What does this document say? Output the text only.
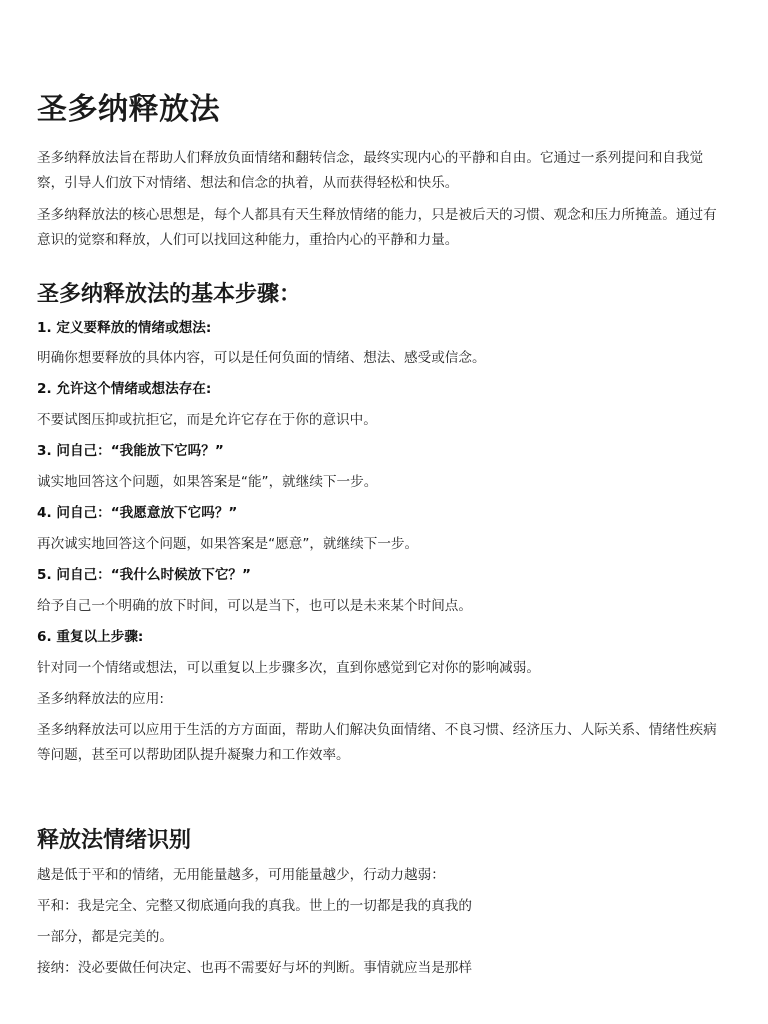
圣多纳释放法

圣多纳释放法旨在帮助人们释放负面情绪和翻转信念，最终实现内心的平静和自由。它通过一系列提问和自我觉察，引导人们放下对情绪、想法和信念的执着，从而获得轻松和快乐。

圣多纳释放法的核心思想是，每个人都具有天生释放情绪的能力，只是被后天的习惯、观念和压力所掩盖。通过有意识的觉察和释放，人们可以找回这种能力，重拾内心的平静和力量。

圣多纳释放法的基本步骤：

1. 定义要释放的情绪或想法:

明确你想要释放的具体内容，可以是任何负面的情绪、想法、感受或信念。

2. 允许这个情绪或想法存在:

不要试图压抑或抗拒它，而是允许它存在于你的意识中。

3. 问自己：“我能放下它吗？”

诚实地回答这个问题，如果答案是“能”，就继续下一步。

4. 问自己：“我愿意放下它吗？”

再次诚实地回答这个问题，如果答案是“愿意”，就继续下一步。

5. 问自己：“我什么时候放下它？”

给予自己一个明确的放下时间，可以是当下，也可以是未来某个时间点。

6. 重复以上步骤:

针对同一个情绪或想法，可以重复以上步骤多次，直到你感觉到它对你的影响减弱。

圣多纳释放法的应用:

圣多纳释放法可以应用于生活的方方面面，帮助人们解决负面情绪、不良习惯、经济压力、人际关系、情绪性疾病等问题，甚至可以帮助团队提升凝聚力和工作效率。

释放法情绪识别

越是低于平和的情绪，无用能量越多，可用能量越少，行动力越弱：

平和：我是完全、完整又彻底通向我的真我。世上的一切都是我的真我的

一部分，都是完美的。

接纳：没必要做任何决定、也再不需要好与坏的判断。事情就应当是那样
